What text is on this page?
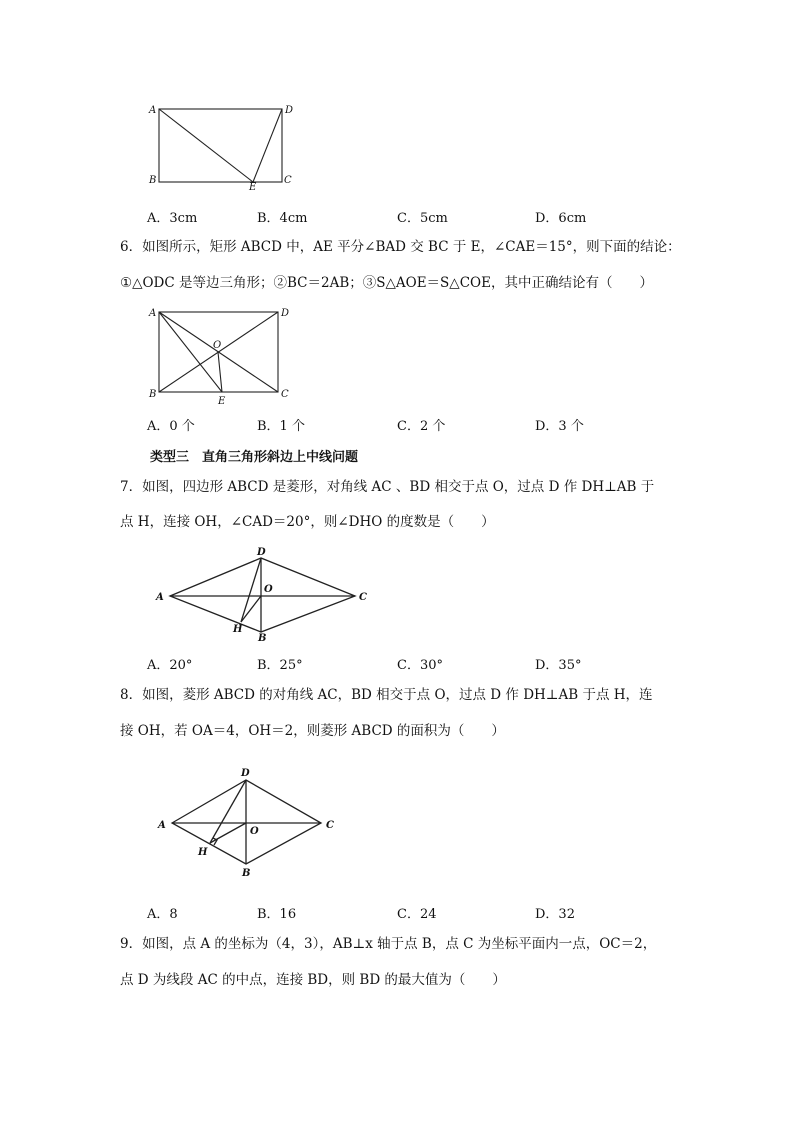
A	D
B	C
E
A．3cm	B．4cm	C．5cm	D．6cm
6．如图所示，矩形 ABCD 中，AE 平分∠BAD 交 BC 于 E，∠CAE＝15°，则下面的结论：
①△ODC 是等边三角形；②BC＝2AB；③S△AOE＝S△COE，其中正确结论有（　　）
A	D
O
B	C
E
A．0 个	B．1 个	C．2 个	D．3 个
类型三　直角三角形斜边上中线问题
7．如图，四边形 ABCD 是菱形，对角线 AC 、BD 相交于点 O，过点 D 作 DH⊥AB 于
点 H，连接 OH，∠CAD＝20°，则∠DHO 的度数是（　　）
D
O
A	C
H
B
A．20°	B．25°	C．30°	D．35°
8．如图，菱形 ABCD 的对角线 AC，BD 相交于点 O，过点 D 作 DH⊥AB 于点 H，连
接 OH，若 OA＝4，OH＝2，则菱形 ABCD 的面积为（　　）
D
A
O
C
H
B
A．8	B．16	C．24	D．32
9．如图，点 A 的坐标为（4，3），AB⊥x 轴于点 B，点 C 为坐标平面内一点，OC＝2，
点 D 为线段 AC 的中点，连接 BD，则 BD 的最大值为（　　）
